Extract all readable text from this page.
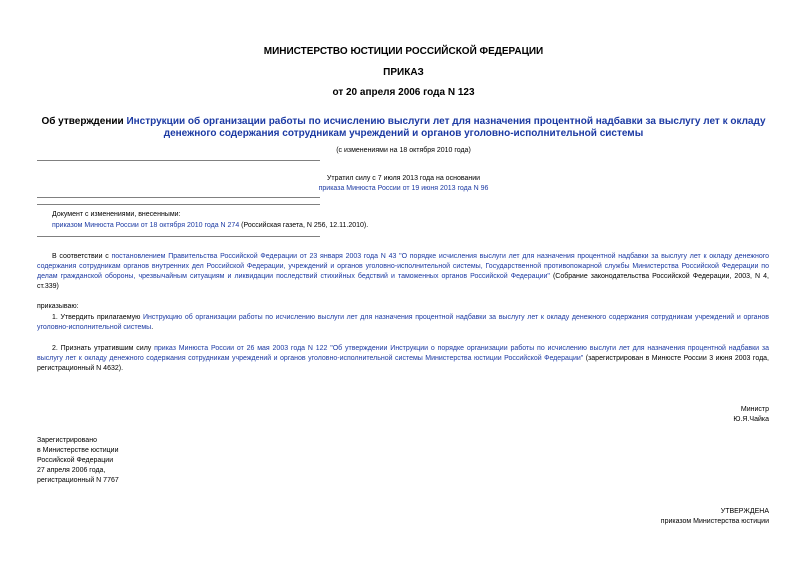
МИНИСТЕРСТВО ЮСТИЦИИ РОССИЙСКОЙ ФЕДЕРАЦИИ
ПРИКАЗ
от 20 апреля 2006 года N 123
Об утверждении Инструкции об организации работы по исчислению выслуги лет для назначения процентной надбавки за выслугу лет к окладу денежного содержания сотрудникам учреждений и органов уголовно-исполнительной системы
(с изменениями на 18 октября 2010 года)
Утратил силу с 7 июля 2013 года на основании
приказа Минюста России от 19 июня 2013 года N 96
Документ с изменениями, внесенными:
приказом Минюста России от 18 октября 2010 года N 274 (Российская газета, N 256, 12.11.2010).
В соответствии с постановлением Правительства Российской Федерации от 23 января 2003 года N 43 "О порядке исчисления выслуги лет для назначения процентной надбавки за выслугу лет к окладу денежного содержания сотрудникам органов внутренних дел Российской Федерации, учреждений и органов уголовно-исполнительной системы, Государственной противопожарной службы Министерства Российской Федерации по делам гражданской обороны, чрезвычайным ситуациям и ликвидации последствий стихийных бедствий и таможенных органов Российской Федерации" (Собрание законодательства Российской Федерации, 2003, N 4, ст.339)
приказываю:
1. Утвердить прилагаемую Инструкцию об организации работы по исчислению выслуги лет для назначения процентной надбавки за выслугу лет к окладу денежного содержания сотрудникам учреждений и органов уголовно-исполнительной системы.
2. Признать утратившим силу приказ Минюста России от 26 мая 2003 года N 122 "Об утверждении Инструкции о порядке организации работы по исчислению выслуги лет для назначения процентной надбавки за выслугу лет к окладу денежного содержания сотрудникам учреждений и органов уголовно-исполнительной системы Министерства юстиции Российской Федерации" (зарегистрирован в Минюсте России 3 июня 2003 года, регистрационный N 4632).
Министр
Ю.Я.Чайка
Зарегистрировано
в Министерстве юстиции
Российской Федерации
27 апреля 2006 года,
регистрационный N 7767
УТВЕРЖДЕНА
приказом Министерства юстиции
